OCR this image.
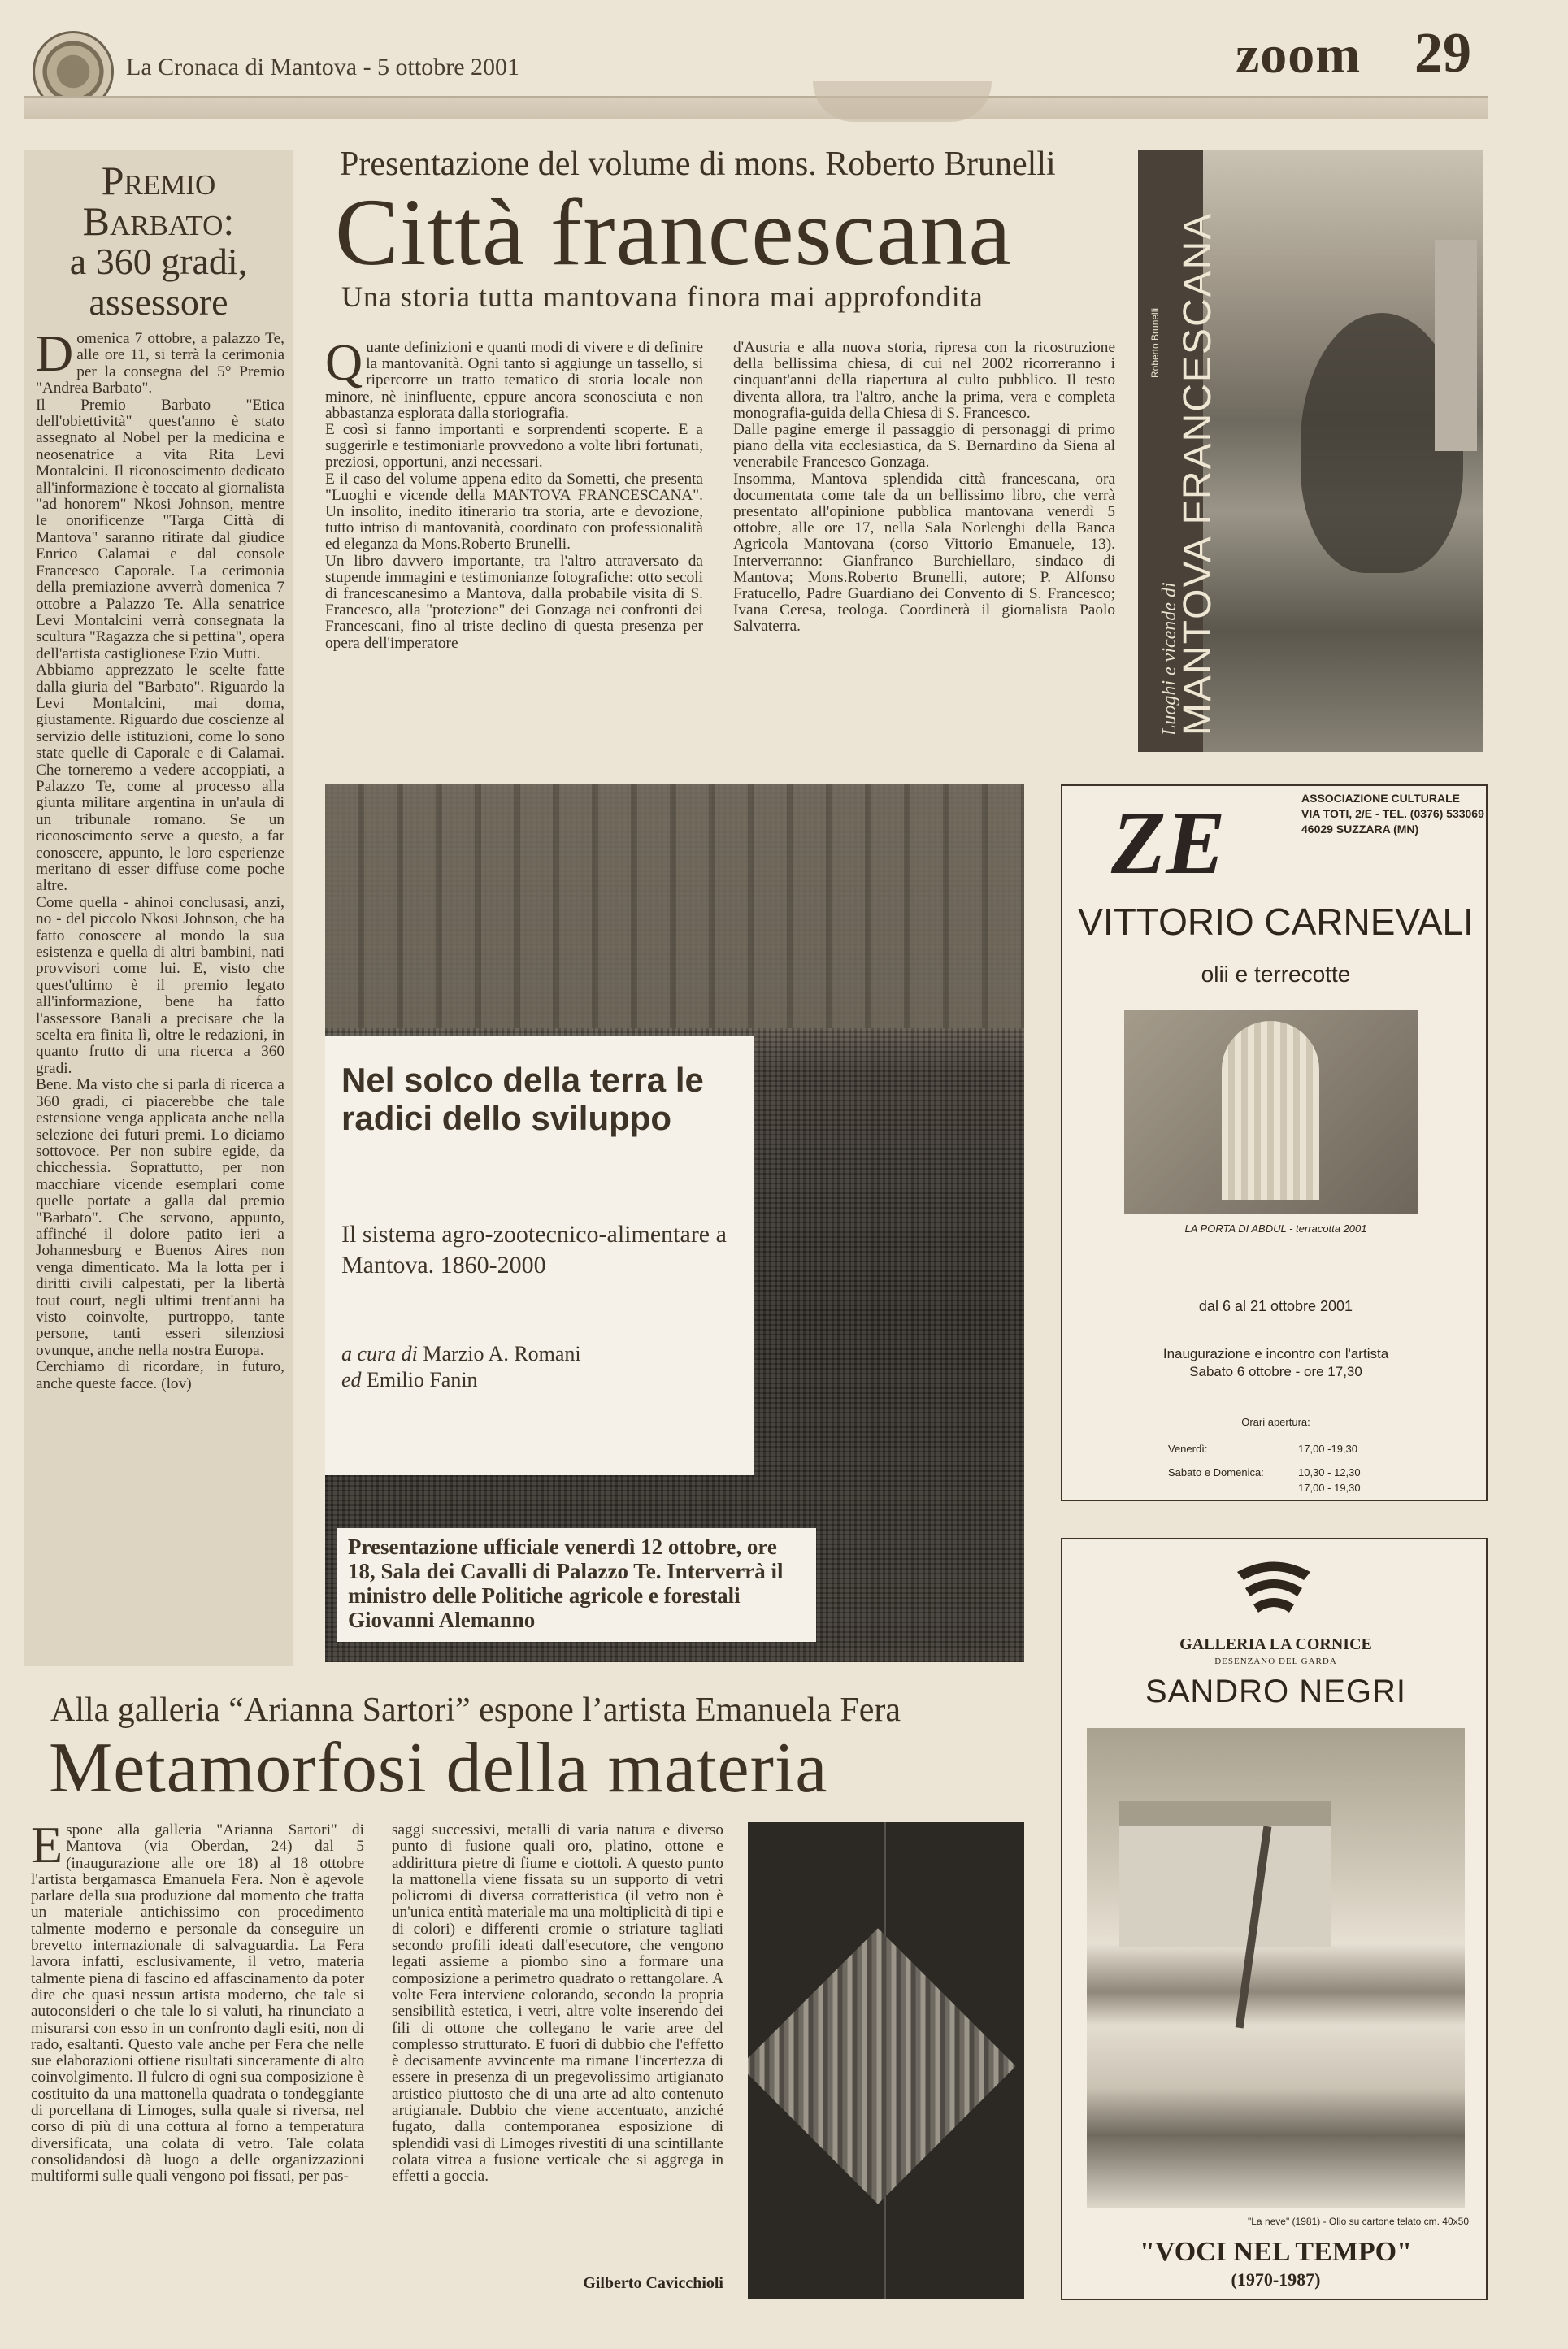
La Cronaca di Mantova - 5 ottobre 2001	zoom 29
Premio
Barbato:
a 360 gradi,
assessore
D omenica 7 ottobre, a palazzo Te, alle ore 11, si terrà la cerimonia per la consegna del 5° Premio "Andrea Barbato".

Il Premio Barbato "Etica dell'obiettività" quest'anno è stato assegnato al Nobel per la medicina e neosenatrice a vita Rita Levi Montalcini. Il riconoscimento dedicato all'informazione è toccato al giornalista "ad honorem" Nkosi Johnson, mentre le onorificenze "Targa Città di Mantova" saranno ritirate dal giudice Enrico Calamai e dal console Francesco Caporale. La cerimonia della premiazione avverrà domenica 7 ottobre a Palazzo Te. Alla senatrice Levi Montalcini verrà consegnata la scultura "Ragazza che si pettina", opera dell'artista castiglionese Ezio Mutti.

Abbiamo apprezzato le scelte fatte dalla giuria del "Barbato". Riguardo la Levi Montalcini, mai doma, giustamente. Riguardo due coscienze al servizio delle istituzioni, come lo sono state quelle di Caporale e di Calamai. Che torneremo a vedere accoppiati, a Palazzo Te, come al processo alla giunta militare argentina in un'aula di un tribunale romano. Se un riconoscimento serve a questo, a far conoscere, appunto, le loro esperienze meritano di esser diffuse come poche altre.

Come quella - ahinoi conclusasi, anzi, no - del piccolo Nkosi Johnson, che ha fatto conoscere al mondo la sua esistenza e quella di altri bambini, nati provvisori come lui. E, visto che quest'ultimo è il premio legato all'informazione, bene ha fatto l'assessore Banali a precisare che la scelta era finita lì, oltre le redazioni, in quanto frutto di una ricerca a 360 gradi.

Bene. Ma visto che si parla di ricerca a 360 gradi, ci piacerebbe che tale estensione venga applicata anche nella selezione dei futuri premi. Lo diciamo sottovoce. Per non subire egide, da chicchessia. Soprattutto, per non macchiare vicende esemplari come quelle portate a galla dal premio "Barbato". Che servono, appunto, affinché il dolore patito ieri a Johannesburg e Buenos Aires non venga dimenticato. Ma la lotta per i diritti civili calpestati, per la libertà tout court, negli ultimi trent'anni ha visto coinvolte, purtroppo, tante persone, tanti esseri silenziosi ovunque, anche nella nostra Europa.

Cerchiamo di ricordare, in futuro, anche queste facce. (lov)

Presentazione del volume di mons. Roberto Brunelli
Città francescana
Una storia tutta mantovana finora mai approfondita
Q uante definizioni e quanti modi di vivere e di definire la mantovanità. Ogni tanto si aggiunge un tassello, si ripercorre un tratto tematico di storia locale non minore, nè ininfluente, eppure ancora sconosciuta e non abbastanza esplorata dalla storiografia.

E così si fanno importanti e sorprendenti scoperte. E a suggerirle e testimoniarle provvedono a volte libri fortunati, preziosi, opportuni, anzi necessari.

E il caso del volume appena edito da Sometti, che presenta "Luoghi e vicende della MANTOVA FRANCESCANA". Un insolito, inedito itinerario tra storia, arte e devozione, tutto intriso di mantovanità, coordinato con professionalità ed eleganza da Mons.Roberto Brunelli.

Un libro davvero importante, tra l'altro attraversato da stupende immagini e testimonianze fotografiche: otto secoli di francescanesimo a Mantova, dalla probabile visita di S. Francesco, alla "protezione" dei Gonzaga nei confronti dei Francescani, fino al triste declino di questa presenza per opera dell'imperatore

d'Austria e alla nuova storia, ripresa con la ricostruzione della bellissima chiesa, di cui nel 2002 ricorreranno i cinquant'anni della riapertura al culto pubblico. Il testo diventa allora, tra l'altro, anche la prima, vera e completa monografia-guida della Chiesa di S. Francesco.

Dalle pagine emerge il passaggio di personaggi di primo piano della vita ecclesiastica, da S. Bernardino da Siena al venerabile Francesco Gonzaga.

Insomma, Mantova splendida città francescana, ora documentata come tale da un bellissimo libro, che verrà presentato all'opinione pubblica mantovana venerdì 5 ottobre, alle ore 17, nella Sala Norlenghi della Banca Agricola Mantovana (corso Vittorio Emanuele, 13). Interverranno: Gianfranco Burchiellaro, sindaco di Mantova; Mons.Roberto Brunelli, autore; P. Alfonso Fratucello, Padre Guardiano dei Convento di S. Francesco; Ivana Ceresa, teologa. Coordinerà il giornalista Paolo Salvaterra.

Roberto Brunelli
Luoghi e vicende di
MANTOVA FRANCESCANA
Nel solco della terra le radici dello sviluppo
Il sistema agro-zootecnico-alimentare a Mantova. 1860-2000
a cura di Marzio A. Romani
ed Emilio Fanin
Presentazione ufficiale venerdì 12 ottobre, ore 18, Sala dei Cavalli di Palazzo Te. Interverrà il ministro delle Politiche agricole e forestali Giovanni Alemanno
ZE	ASSOCIAZIONE CULTURALE
VIA TOTI, 2/E - TEL. (0376) 533069
46029 SUZZARA (MN)
VITTORIO CARNEVALI
olii e terrecotte
LA PORTA DI ABDUL - terracotta 2001
dal 6 al 21 ottobre 2001
Inaugurazione e incontro con l'artista
Sabato 6 ottobre - ore 17,30
Orari apertura:
Venerdì:	17,00 -19,30
Sabato e Domenica:	10,30 - 12,30
17,00 - 19,30
GALLERIA LA CORNICE
DESENZANO DEL GARDA
SANDRO NEGRI
"La neve" (1981) - Olio su cartone telato cm. 40x50
"VOCI NEL TEMPO"
(1970-1987)
Alla galleria “Arianna Sartori” espone l’artista Emanuela Fera
Metamorfosi della materia
E spone alla galleria "Arianna Sartori" di Mantova (via Oberdan, 24) dal 5 (inaugurazione alle ore 18) al 18 ottobre l'artista bergamasca Emanuela Fera. Non è agevole parlare della sua produzione dal momento che tratta un materiale antichissimo con procedimento talmente moderno e personale da conseguire un brevetto internazionale di salvaguardia. La Fera lavora infatti, esclusivamente, il vetro, materia talmente piena di fascino ed affascinamento da poter dire che quasi nessun artista moderno, che tale si autoconsideri o che tale lo si valuti, ha rinunciato a misurarsi con esso in un confronto dagli esiti, non di rado, esaltanti. Questo vale anche per Fera che nelle sue elaborazioni ottiene risultati sinceramente di alto coinvolgimento. Il fulcro di ogni sua composizione è costituito da una mattonella quadrata o tondeggiante di porcellana di Limoges, sulla quale si riversa, nel corso di più di una cottura al forno a temperatura diversificata, una colata di vetro. Tale colata consolidandosi dà luogo a delle organizzazioni multiformi sulle quali vengono poi fissati, per pas-
saggi successivi, metalli di varia natura e diverso punto di fusione quali oro, platino, ottone e addirittura pietre di fiume e ciottoli. A questo punto la mattonella viene fissata su un supporto di vetri policromi di diversa corratteristica (il vetro non è un'unica entità materiale ma una moltiplicità di tipi e di colori) e differenti cromie o striature tagliati secondo profili ideati dall'esecutore, che vengono legati assieme a piombo sino a formare una composizione a perimetro quadrato o rettangolare. A volte Fera interviene colorando, secondo la propria sensibilità estetica, i vetri, altre volte inserendo dei fili di ottone che collegano le varie aree del complesso strutturato. E fuori di dubbio che l'effetto è decisamente avvincente ma rimane l'incertezza di essere in presenza di un pregevolissimo artigianato artistico piuttosto che di una arte ad alto contenuto artigianale. Dubbio che viene accentuato, anziché fugato, dalla contemporanea esposizione di splendidi vasi di Limoges rivestiti di una scintillante colata vitrea a fusione verticale che si aggrega in effetti a goccia.
Gilberto Cavicchioli
